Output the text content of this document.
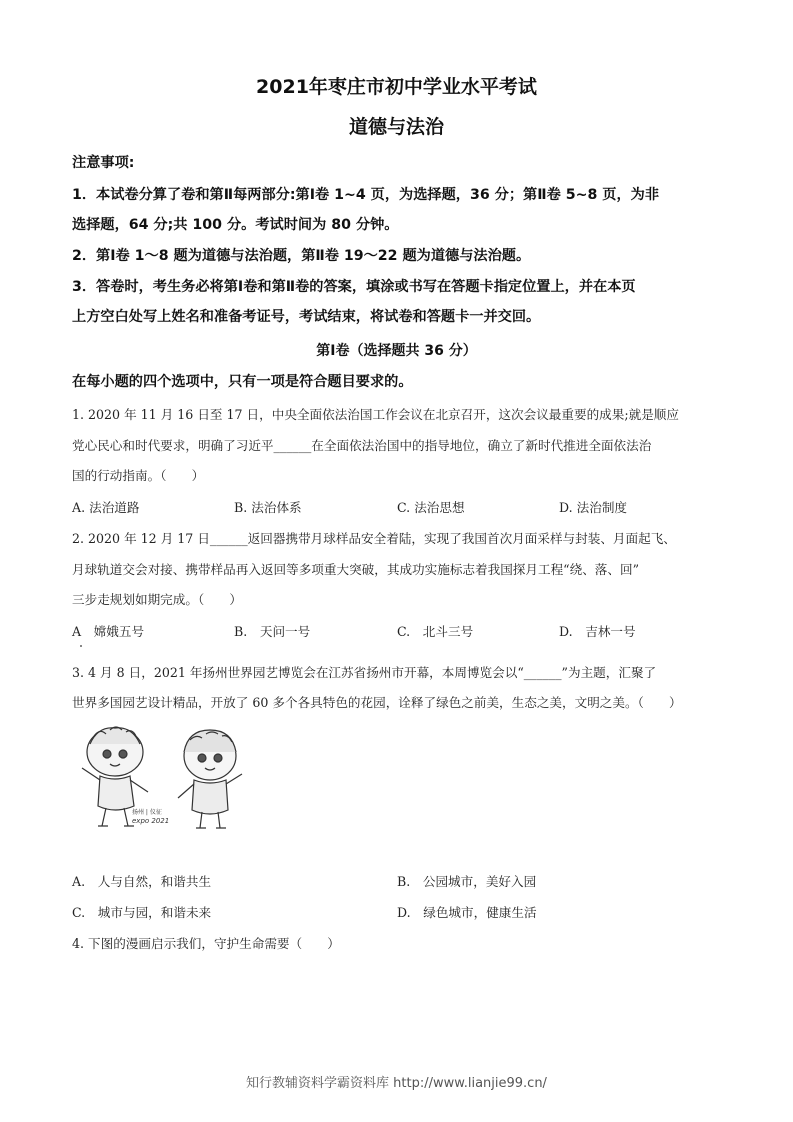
2021年枣庄市初中学业水平考试
道德与法治
注意事项:
1．本试卷分算了卷和第Ⅱ每两部分:第Ⅰ卷 1~4 页，为选择题，36 分；第Ⅱ卷 5~8 页，为非
选择题，64 分;共 100 分。考试时间为 80 分钟。
2．第Ⅰ卷 1～8 题为道德与法治题，第Ⅱ卷 19～22 题为道德与法治题。
3．答卷时，考生务必将第Ⅰ卷和第Ⅱ卷的答案，填涂或书写在答题卡指定位置上，并在本页
上方空白处写上姓名和准备考证号，考试结束，将试卷和答题卡一并交回。
第Ⅰ卷（选择题共 36 分）
在每小题的四个选项中，只有一项是符合题目要求的。
1. 2020 年 11 月 16 日至 17 日，中央全面依法治国工作会议在北京召开，这次会议最重要的成果;就是顺应
党心民心和时代要求，明确了习近平______在全面依法治国中的指导地位，确立了新时代推进全面依法治
国的行动指南。（　　）
A. 法治道路	B. 法治体系	C. 法治思想	D. 法治制度
2. 2020 年 12 月 17 日______返回器携带月球样品安全着陆，实现了我国首次月面采样与封装、月面起飞、
月球轨道交会对接、携带样品再入返回等多项重大突破，其成功实施标志着我国探月工程“绕、落、回”
三步走规划如期完成。（　　）
A　嫦娥五号	B.　天问一号	C.　北斗三号	D.　吉林一号
3. 4 月 8 日，2021 年扬州世界园艺博览会在江苏省扬州市开幕，本周博览会以“______”为主题，汇聚了
世界多国园艺设计精品，开放了 60 多个各具特色的花园，诠释了绿色之前美，生态之美，文明之美。（　　）
扬州 | 仪征
expo 2021
A.　人与自然，和谐共生	B.　公园城市，美好入园
C.　城市与园，和谐未来	D.　绿色城市，健康生活
4. 下图的漫画启示我们，守护生命需要（　　）
知行教辅资料学霸资料库 http://www.lianjie99.cn/
